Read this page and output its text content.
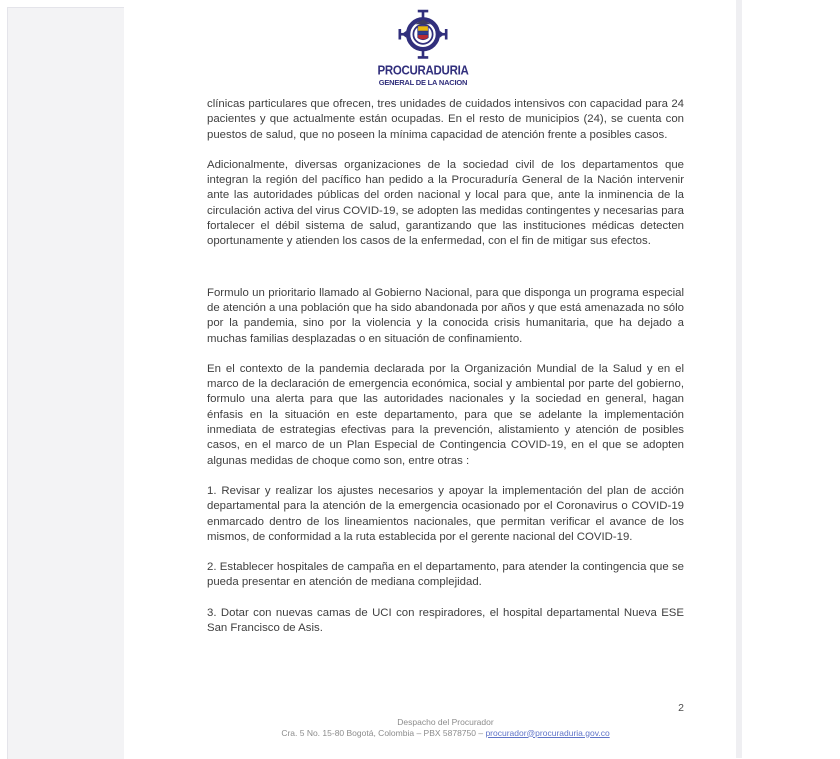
PROCURADURIA
GENERAL DE LA NACION

clínicas particulares que ofrecen, tres unidades de cuidados intensivos con capacidad para 24 pacientes y que actualmente están ocupadas. En el resto de municipios (24), se cuenta con puestos de salud, que no poseen la mínima capacidad de atención frente a posibles casos.

Adicionalmente, diversas organizaciones de la sociedad civil de los departamentos que integran la región del pacífico han pedido a la Procuraduría General de la Nación intervenir ante las autoridades públicas del orden nacional y local para que, ante la inminencia de la circulación activa del virus COVID-19, se adopten las medidas contingentes y necesarias para fortalecer el débil sistema de salud, garantizando que las instituciones médicas detecten oportunamente y atienden los casos de la enfermedad, con el fin de mitigar sus efectos.

Formulo un prioritario llamado al Gobierno Nacional, para que disponga un programa especial de atención a una población que ha sido abandonada por años y que está amenazada no sólo por la pandemia, sino por la violencia y la conocida crisis humanitaria, que ha dejado a muchas familias desplazadas o en situación de confinamiento.

En el contexto de la pandemia declarada por la Organización Mundial de la Salud y en el marco de la declaración de emergencia económica, social y ambiental por parte del gobierno, formulo una alerta para que las autoridades nacionales y la sociedad en general, hagan énfasis en la situación en este departamento, para que se adelante la implementación inmediata de estrategias efectivas para la prevención, alistamiento y atención de posibles casos, en el marco de un Plan Especial de Contingencia COVID-19, en el que se adopten algunas medidas de choque como son, entre otras :

1. Revisar y realizar los ajustes necesarios y apoyar la implementación del plan de acción departamental para la atención de la emergencia ocasionado por el Coronavirus o COVID-19 enmarcado dentro de los lineamientos nacionales, que permitan verificar el avance de los mismos, de conformidad a la ruta establecida por el gerente nacional del COVID-19.

2. Establecer hospitales de campaña en el departamento, para atender la contingencia que se pueda presentar en atención de mediana complejidad.

3. Dotar con nuevas camas de UCI con respiradores, el hospital departamental Nueva ESE San Francisco de Asis.

2
Despacho del Procurador
Cra. 5 No. 15-80 Bogotá, Colombia – PBX 5878750 – procurador@procuraduria.gov.co
